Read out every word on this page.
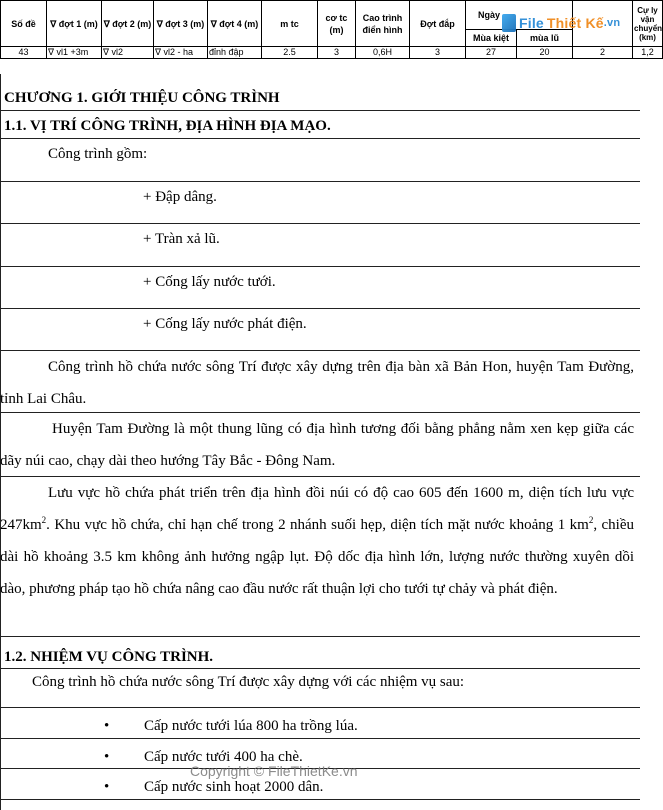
Số đề	∇ đợt 1 (m)	∇ đợt 2 (m)	∇ đợt 3 (m)	∇ đợt 4 (m)	m tc	cơ tc (m)	Cao trình điển hình	Đợt đắp	Ngày			Cự ly vận chuyển (km)
									Mùa kiệt	mùa lũ		
43	∇ vl1 +3m	∇ vl2	∇ vl2 - ha	đỉnh đập	2.5	3	0,6H	3	27	20	2	1,2
File Thiết Kế .vn
CHƯƠNG 1. GIỚI THIỆU CÔNG TRÌNH
1.1. VỊ TRÍ CÔNG TRÌNH, ĐỊA HÌNH ĐỊA MẠO.
Công trình gồm:
+ Đập dâng.
+ Tràn xả lũ.
+ Cống lấy nước tưới.
+ Cống lấy nước phát điện.
Công trình hồ chứa nước sông Trí được xây dựng trên địa bàn xã Bản Hon, huyện Tam Đường, tỉnh Lai Châu.
Huyện Tam Đường là một thung lũng có địa hình tương đối bằng phẳng nằm xen kẹp giữa các dãy núi cao, chạy dài theo hướng Tây Bắc - Đông Nam.
Lưu vực hồ chứa phát triển trên địa hình đồi núi có độ cao 605 đến 1600 m, diện tích lưu vực $247km^2$. Khu vực hồ chứa, chỉ hạn chế trong 2 nhánh suối hẹp, diện tích mặt nước khoảng 1 $km^2$, chiều dài hồ khoảng 3.5 km không ảnh hưởng ngập lụt. Độ dốc địa hình lớn, lượng nước thường xuyên dồi dào, phương pháp tạo hồ chứa nâng cao đầu nước rất thuận lợi cho tưới tự chảy và phát điện.
1.2. NHIỆM VỤ CÔNG TRÌNH.
Công trình hồ chứa nước sông Trí được xây dựng với các nhiệm vụ sau:
• Cấp nước tưới lúa 800 ha trồng lúa.
• Cấp nước tưới 400 ha chè.
• Cấp nước sinh hoạt 2000 dân.
Copyright © FileThietKe.vn
